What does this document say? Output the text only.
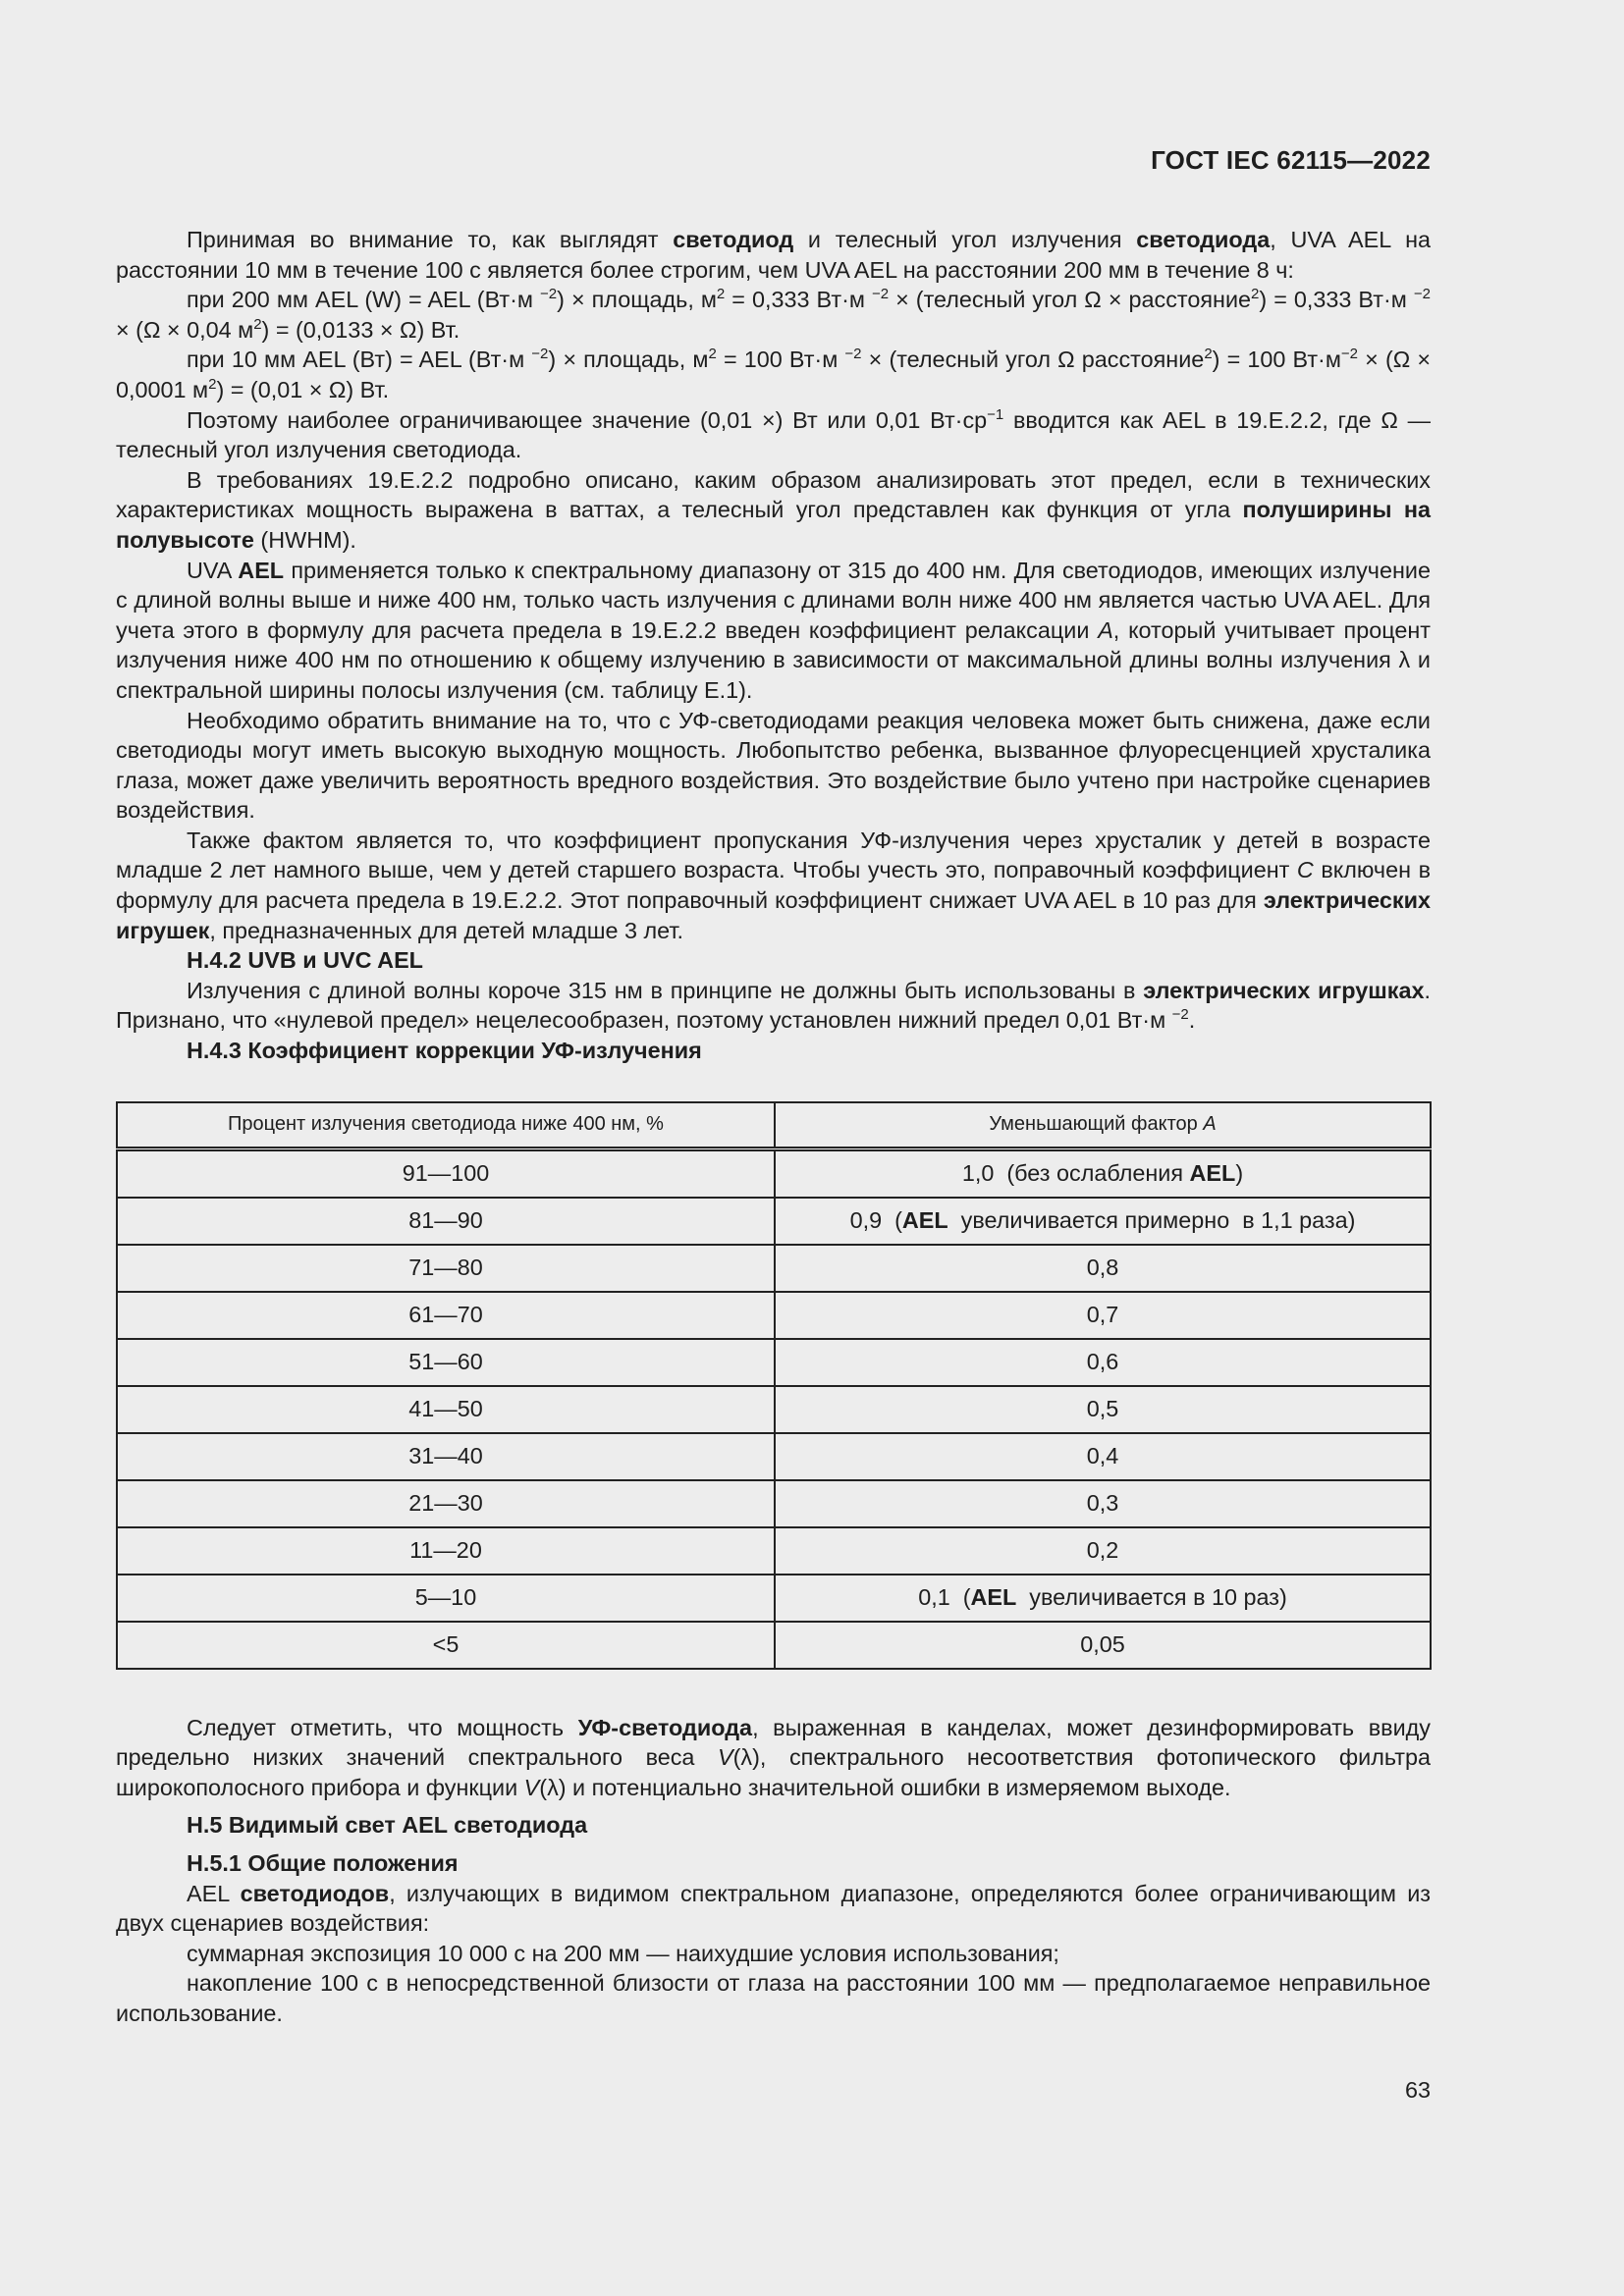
ГОСТ IEC 62115—2022

Принимая во внимание то, как выглядят светодиод и телесный угол излучения светодиода, UVA AEL на расстоянии 10 мм в течение 100 с является более строгим, чем UVA AEL на расстоянии 200 мм в течение 8 ч:

при 200 мм AEL (W) = AEL (Вт·м $^{-2}$) × площадь, $м^2 = 0,333$ Вт·м $^{-2}$ × (телесный угол Ω × расстояние$^2$) = 0,333 Вт·м $^{-2}$ × (Ω × 0,04 $м^2) = (0,0133 \times \Omega)$ Вт.

при 10 мм AEL (Вт) = AEL (Вт·м $^{-2}$) × площадь, $м^2 = 100$ Вт·м $^{-2}$ × (телесный угол Ω расстояние$^2$) = 100 $Вт\cdot м^{-2} \times (\Omega \times 0,0001$ $м^2) = (0,01 \times \Omega)$ Вт.

Поэтому наиболее ограничивающее значение (0,01 ×) Вт или 0,01 $Вт\cdot ср^{-1}$ вводится как AEL в 19.E.2.2, где Ω — телесный угол излучения светодиода.

В требованиях 19.E.2.2 подробно описано, каким образом анализировать этот предел, если в технических характеристиках мощность выражена в ваттах, а телесный угол представлен как функция от угла полуширины на полувысоте (HWHM).

UVA AEL применяется только к спектральному диапазону от 315 до 400 нм. Для светодиодов, имеющих излучение с длиной волны выше и ниже 400 нм, только часть излучения с длинами волн ниже 400 нм является частью UVA AEL. Для учета этого в формулу для расчета предела в 19.E.2.2 введен коэффициент релаксации А, который учитывает процент излучения ниже 400 нм по отношению к общему излучению в зависимости от максимальной длины волны излучения λ и спектральной ширины полосы излучения (см. таблицу E.1).

Необходимо обратить внимание на то, что с УФ-светодиодами реакция человека может быть снижена, даже если светодиоды могут иметь высокую выходную мощность. Любопытство ребенка, вызванное флуоресценцией хрусталика глаза, может даже увеличить вероятность вредного воздействия. Это воздействие было учтено при настройке сценариев воздействия.

Также фактом является то, что коэффициент пропускания УФ-излучения через хрусталик у детей в возрасте младше 2 лет намного выше, чем у детей старшего возраста. Чтобы учесть это, поправочный коэффициент С включен в формулу для расчета предела в 19.E.2.2. Этот поправочный коэффициент снижает UVA AEL в 10 раз для электрических игрушек, предназначенных для детей младше 3 лет.

H.4.2 UVB и UVC AEL

Излучения с длиной волны короче 315 нм в принципе не должны быть использованы в электрических игрушках. Признано, что «нулевой предел» нецелесообразен, поэтому установлен нижний предел 0,01 Вт·м $^{-2}$.

H.4.3 Коэффициент коррекции УФ-излучения
Процент излучения светодиода ниже 400 нм, %	Уменьшающий фактор А
91—100	1,0  (без ослабления AEL)
81—90	0,9  (AEL  увеличивается примерно  в 1,1 раза)
71—80	0,8
61—70	0,7
51—60	0,6
41—50	0,5
31—40	0,4
21—30	0,3
11—20	0,2
5—10	0,1  (AEL  увеличивается в 10 раз)
<5	0,05

Следует отметить, что мощность УФ-светодиода, выраженная в канделах, может дезинформировать ввиду предельно низких значений спектрального веса V(λ), спектрального несоответствия фотопического фильтра широкополосного прибора и функции V(λ) и потенциально значительной ошибки в измеряемом выходе.

H.5 Видимый свет AEL светодиода
H.5.1 Общие положения

AEL светодиодов, излучающих в видимом спектральном диапазоне, определяются более ограничивающим из двух сценариев воздействия:

суммарная экспозиция 10 000 с на 200 мм — наихудшие условия использования;

накопление 100 с в непосредственной близости от глаза на расстоянии 100 мм — предполагаемое неправильное использование.

63
